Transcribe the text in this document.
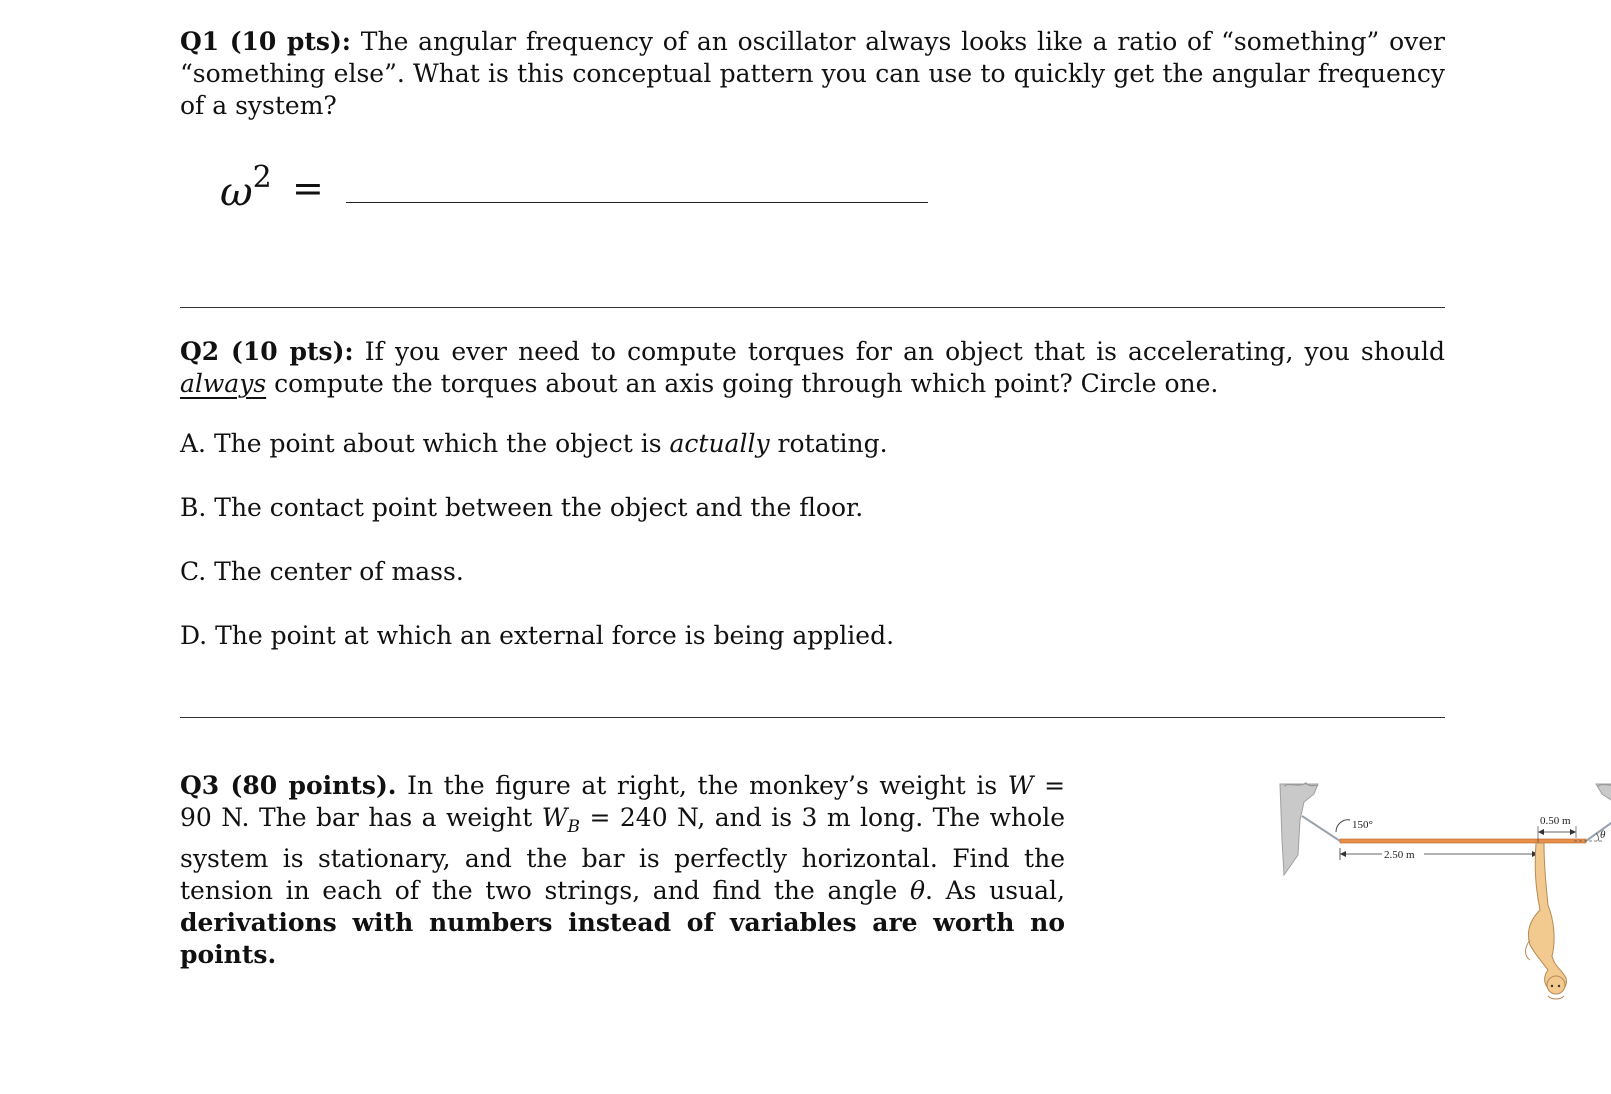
Q1 (10 pts): The angular frequency of an oscillator always looks like a ratio of “something” over “something else”. What is this conceptual pattern you can use to quickly get the angular frequency of a system?
$\omega^2$ =
Q2 (10 pts): If you ever need to compute torques for an object that is accelerating, you should always compute the torques about an axis going through which point? Circle one.
A. The point about which the object is actually rotating.
B. The contact point between the object and the floor.
C. The center of mass.
D. The point at which an external force is being applied.
Q3 (80 points). In the figure at right, the monkey’s weight is W = 90 N. The bar has a weight $W_B = 240$ N, and is 3 m long. The whole system is stationary, and the bar is perfectly horizontal. Find the tension in each of the two strings, and find the angle θ. As usual, derivations with numbers instead of variables are worth no points.
150°
2.50 m
0.50 m
θ
